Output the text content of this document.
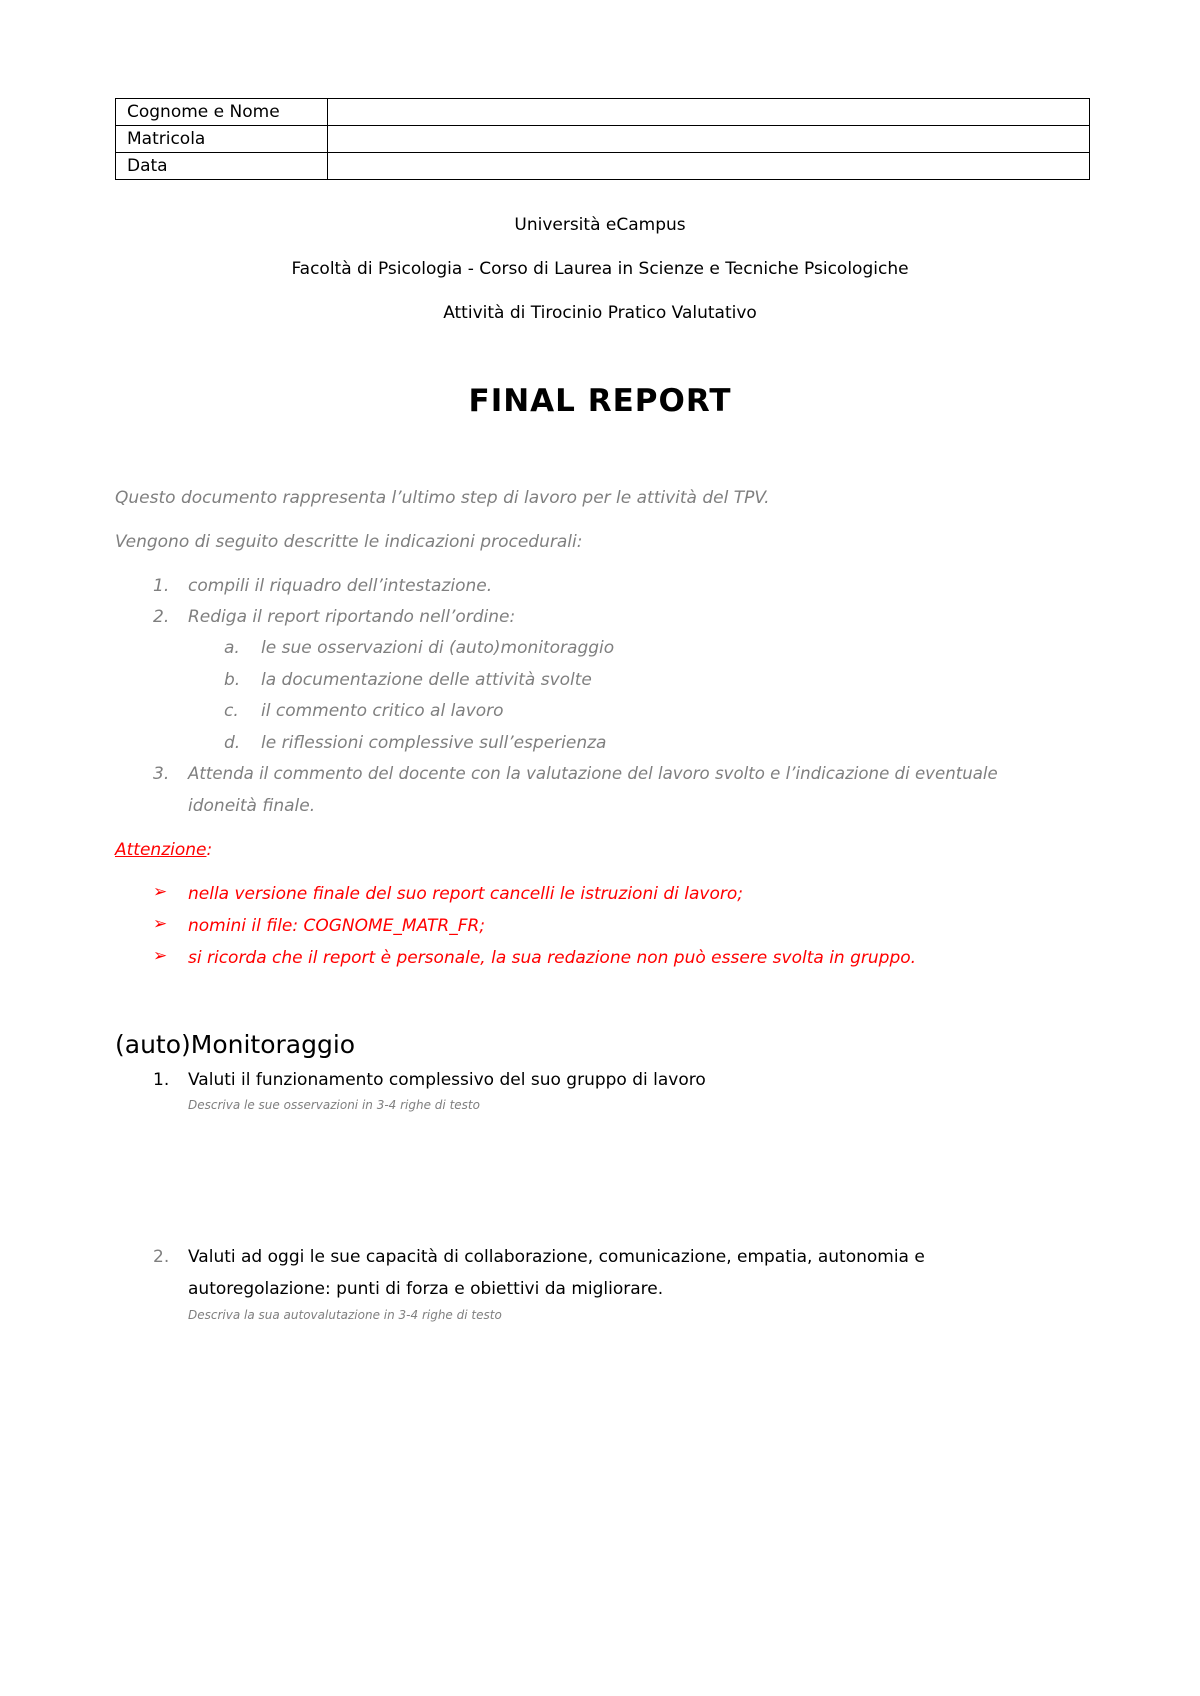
Cognome e Nome	
Matricola	
Data	
Università eCampus
Facoltà di Psicologia - Corso di Laurea in Scienze e Tecniche Psicologiche
Attività di Tirocinio Pratico Valutativo
FINAL REPORT
Questo documento rappresenta l’ultimo step di lavoro per le attività del TPV.
Vengono di seguito descritte le indicazioni procedurali:
1. compili il riquadro dell’intestazione.
2. Rediga il report riportando nell’ordine:
a. le sue osservazioni di (auto)monitoraggio
b. la documentazione delle attività svolte
c. il commento critico al lavoro
d. le riflessioni complessive sull’esperienza
3. Attenda il commento del docente con la valutazione del lavoro svolto e l’indicazione di eventuale
idoneità finale.
Attenzione:
➢ nella versione finale del suo report cancelli le istruzioni di lavoro;
➢ nomini il file: COGNOME_MATR_FR;
➢ si ricorda che il report è personale, la sua redazione non può essere svolta in gruppo.
(auto)Monitoraggio
1. Valuti il funzionamento complessivo del suo gruppo di lavoro
Descriva le sue osservazioni in 3-4 righe di testo
2. Valuti ad oggi le sue capacità di collaborazione, comunicazione, empatia, autonomia e
autoregolazione: punti di forza e obiettivi da migliorare.
Descriva la sua autovalutazione in 3-4 righe di testo
